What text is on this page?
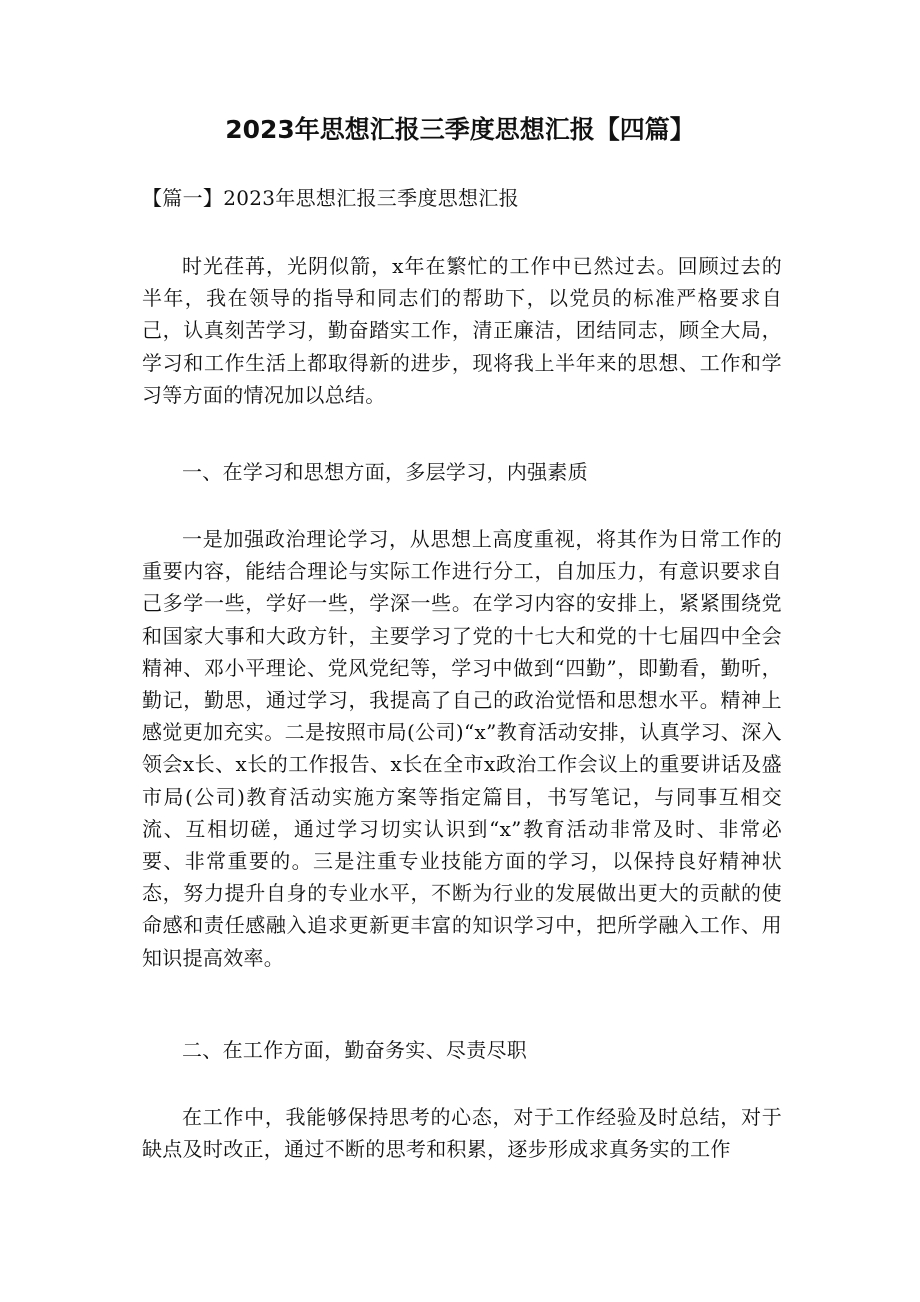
2023年思想汇报三季度思想汇报【四篇】

【篇一】2023年思想汇报三季度思想汇报

时光荏苒，光阴似箭，x年在繁忙的工作中已然过去。回顾过去的半年，我在领导的指导和同志们的帮助下，以党员的标准严格要求自己，认真刻苦学习，勤奋踏实工作，清正廉洁，团结同志，顾全大局，学习和工作生活上都取得新的进步，现将我上半年来的思想、工作和学习等方面的情况加以总结。

一、在学习和思想方面，多层学习，内强素质

一是加强政治理论学习，从思想上高度重视，将其作为日常工作的重要内容，能结合理论与实际工作进行分工，自加压力，有意识要求自己多学一些，学好一些，学深一些。在学习内容的安排上，紧紧围绕党和国家大事和大政方针，主要学习了党的十七大和党的十七届四中全会精神、邓小平理论、党风党纪等，学习中做到“四勤”，即勤看，勤听，勤记，勤思，通过学习，我提高了自己的政治觉悟和思想水平。精神上感觉更加充实。二是按照市局(公司)“x”教育活动安排，认真学习、深入领会x长、x长的工作报告、x长在全市x政治工作会议上的重要讲话及盛市局(公司)教育活动实施方案等指定篇目，书写笔记，与同事互相交流、互相切磋，通过学习切实认识到“x”教育活动非常及时、非常必要、非常重要的。三是注重专业技能方面的学习，以保持良好精神状态，努力提升自身的专业水平，不断为行业的发展做出更大的贡献的使命感和责任感融入追求更新更丰富的知识学习中，把所学融入工作、用知识提高效率。

二、在工作方面，勤奋务实、尽责尽职

在工作中，我能够保持思考的心态，对于工作经验及时总结，对于缺点及时改正，通过不断的思考和积累，逐步形成求真务实的工作
